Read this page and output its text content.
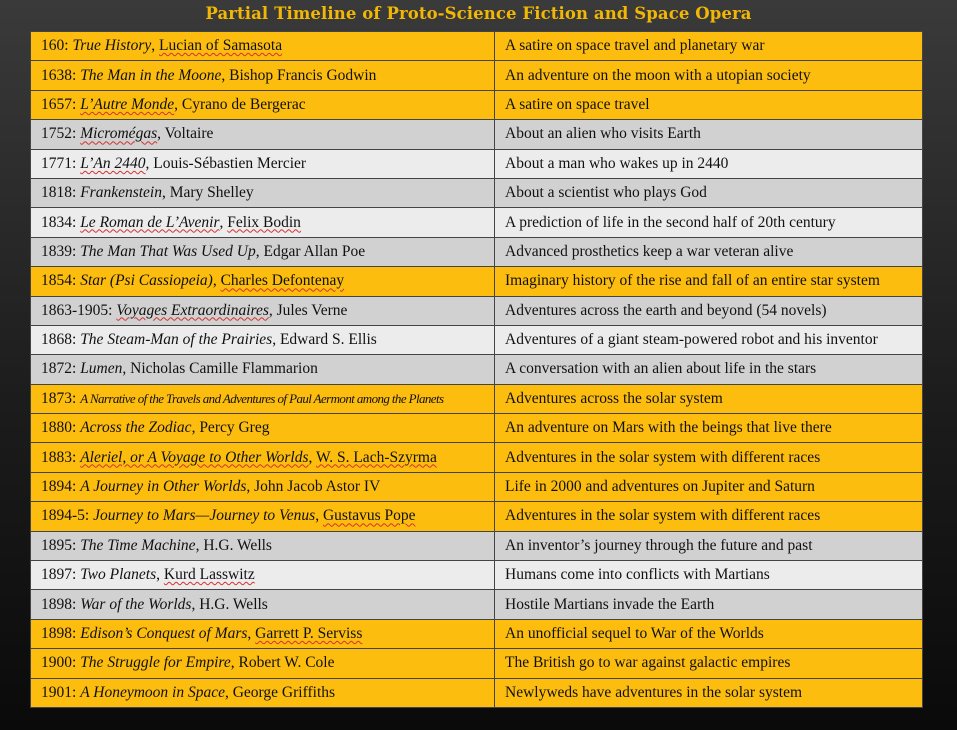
Partial Timeline of Proto-Science Fiction and Space Opera
160: True History, Lucian of Samasota	A satire on space travel and planetary war
1638: The Man in the Moone, Bishop Francis Godwin	An adventure on the moon with a utopian society
1657: L’Autre Monde, Cyrano de Bergerac	A satire on space travel
1752: Micromégas, Voltaire	About an alien who visits Earth
1771: L’An 2440, Louis-Sébastien Mercier	About a man who wakes up in 2440
1818: Frankenstein, Mary Shelley	About a scientist who plays God
1834: Le Roman de L’Avenir, Felix Bodin	A prediction of life in the second half of 20th century
1839: The Man That Was Used Up, Edgar Allan Poe	Advanced prosthetics keep a war veteran alive
1854: Star (Psi Cassiopeia), Charles Defontenay	Imaginary history of the rise and fall of an entire star system
1863-1905: Voyages Extraordinaires, Jules Verne	Adventures across the earth and beyond (54 novels)
1868: The Steam-Man of the Prairies, Edward S. Ellis	Adventures of a giant steam-powered robot and his inventor
1872: Lumen, Nicholas Camille Flammarion	A conversation with an alien about life in the stars
1873: A Narrative of the Travels and Adventures of Paul Aermont among the Planets	Adventures across the solar system
1880: Across the Zodiac, Percy Greg	An adventure on Mars with the beings that live there
1883: Aleriel, or A Voyage to Other Worlds, W. S. Lach-Szyrma	Adventures in the solar system with different races
1894: A Journey in Other Worlds, John Jacob Astor IV	Life in 2000 and adventures on Jupiter and Saturn
1894-5: Journey to Mars—Journey to Venus, Gustavus Pope	Adventures in the solar system with different races
1895: The Time Machine, H.G. Wells	An inventor’s journey through the future and past
1897: Two Planets, Kurd Lasswitz	Humans come into conflicts with Martians
1898: War of the Worlds, H.G. Wells	Hostile Martians invade the Earth
1898: Edison’s Conquest of Mars, Garrett P. Serviss	An unofficial sequel to War of the Worlds
1900: The Struggle for Empire, Robert W. Cole	The British go to war against galactic empires
1901: A Honeymoon in Space, George Griffiths	Newlyweds have adventures in the solar system
